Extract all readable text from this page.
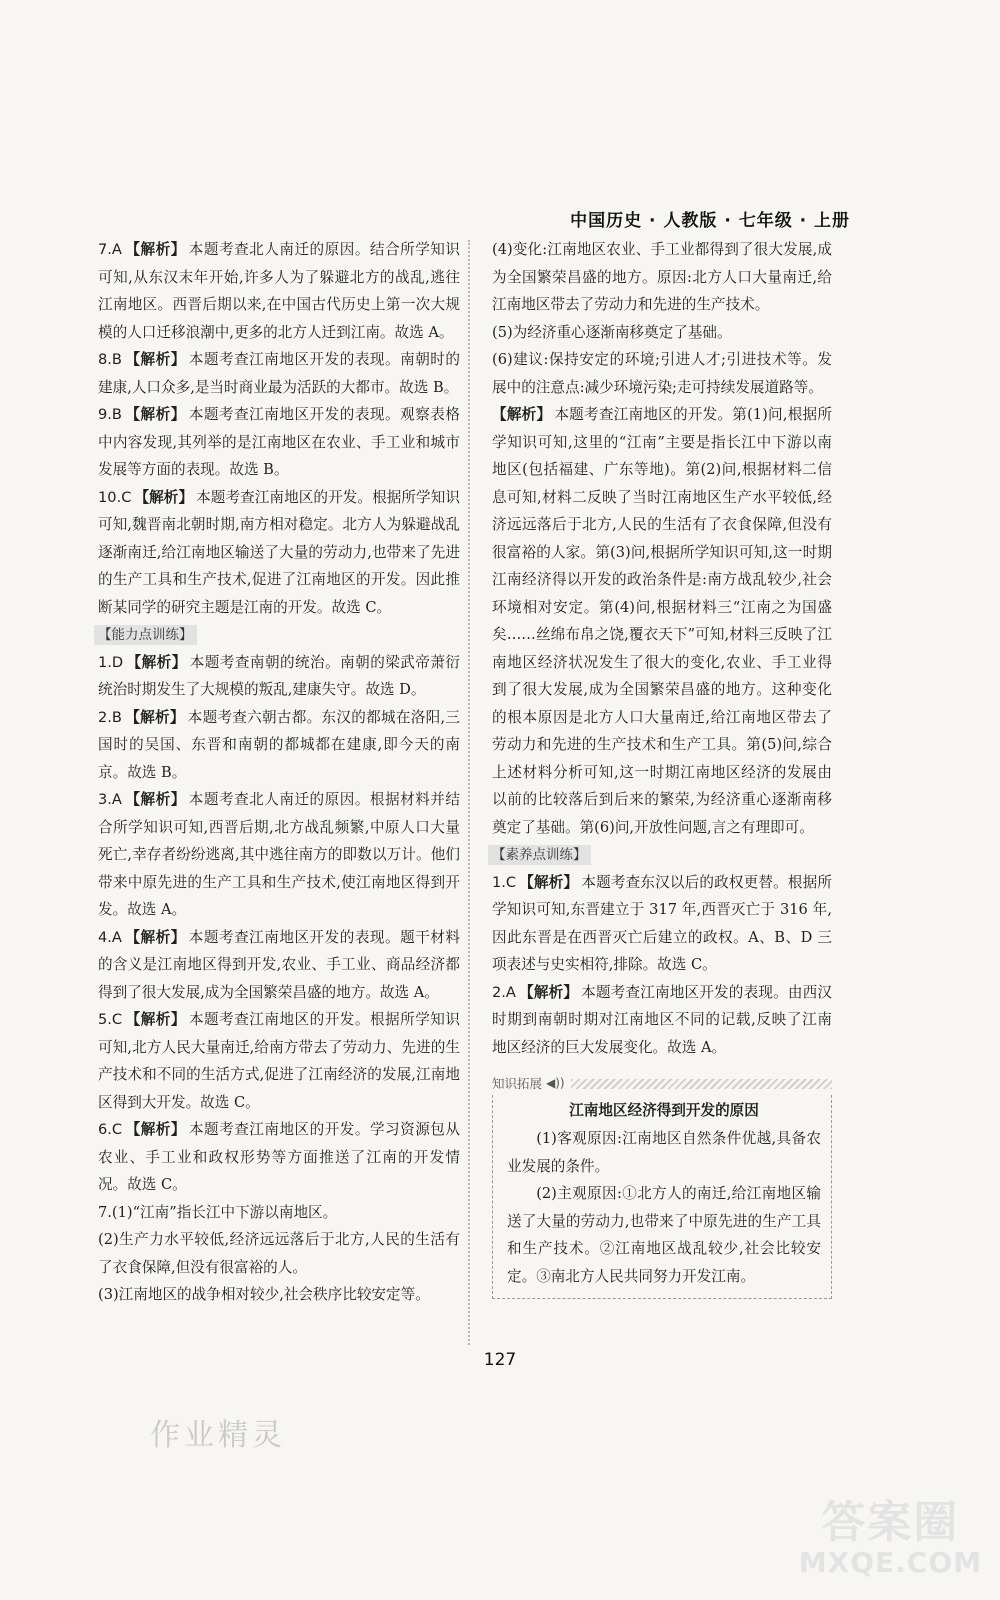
中国历史 · 人教版 · 七年级 · 上册

7.A 【解析】 本题考查北人南迁的原因。结合所学知识可知,从东汉末年开始,许多人为了躲避北方的战乱,逃往江南地区。西晋后期以来,在中国古代历史上第一次大规模的人口迁移浪潮中,更多的北方人迁到江南。故选 A。

8.B 【解析】 本题考查江南地区开发的表现。南朝时的建康,人口众多,是当时商业最为活跃的大都市。故选 B。

9.B 【解析】 本题考查江南地区开发的表现。观察表格中内容发现,其列举的是江南地区在农业、手工业和城市发展等方面的表现。故选 B。

10.C 【解析】 本题考查江南地区的开发。根据所学知识可知,魏晋南北朝时期,南方相对稳定。北方人为躲避战乱逐渐南迁,给江南地区输送了大量的劳动力,也带来了先进的生产工具和生产技术,促进了江南地区的开发。因此推断某同学的研究主题是江南的开发。故选 C。

【能力点训练】

1.D 【解析】 本题考查南朝的统治。南朝的梁武帝萧衍统治时期发生了大规模的叛乱,建康失守。故选 D。

2.B 【解析】 本题考查六朝古都。东汉的都城在洛阳,三国时的吴国、东晋和南朝的都城都在建康,即今天的南京。故选 B。

3.A 【解析】 本题考查北人南迁的原因。根据材料并结合所学知识可知,西晋后期,北方战乱频繁,中原人口大量死亡,幸存者纷纷逃离,其中逃往南方的即数以万计。他们带来中原先进的生产工具和生产技术,使江南地区得到开发。故选 A。

4.A 【解析】 本题考查江南地区开发的表现。题干材料的含义是江南地区得到开发,农业、手工业、商品经济都得到了很大发展,成为全国繁荣昌盛的地方。故选 A。

5.C 【解析】 本题考查江南地区的开发。根据所学知识可知,北方人民大量南迁,给南方带去了劳动力、先进的生产技术和不同的生活方式,促进了江南经济的发展,江南地区得到大开发。故选 C。

6.C 【解析】 本题考查江南地区的开发。学习资源包从农业、手工业和政权形势等方面推送了江南的开发情况。故选 C。

7.(1)“江南”指长江中下游以南地区。

(2)生产力水平较低,经济远远落后于北方,人民的生活有了衣食保障,但没有很富裕的人。

(3)江南地区的战争相对较少,社会秩序比较安定等。

(4)变化:江南地区农业、手工业都得到了很大发展,成为全国繁荣昌盛的地方。原因:北方人口大量南迁,给江南地区带去了劳动力和先进的生产技术。

(5)为经济重心逐渐南移奠定了基础。

(6)建议:保持安定的环境;引进人才;引进技术等。发展中的注意点:减少环境污染;走可持续发展道路等。

【解析】 本题考查江南地区的开发。第(1)问,根据所学知识可知,这里的“江南”主要是指长江中下游以南地区(包括福建、广东等地)。第(2)问,根据材料二信息可知,材料二反映了当时江南地区生产水平较低,经济远远落后于北方,人民的生活有了衣食保障,但没有很富裕的人家。第(3)问,根据所学知识可知,这一时期江南经济得以开发的政治条件是:南方战乱较少,社会环境相对安定。第(4)问,根据材料三“江南之为国盛矣……丝绵布帛之饶,覆衣天下”可知,材料三反映了江南地区经济状况发生了很大的变化,农业、手工业得到了很大发展,成为全国繁荣昌盛的地方。这种变化的根本原因是北方人口大量南迁,给江南地区带去了劳动力和先进的生产技术和生产工具。第(5)问,综合上述材料分析可知,这一时期江南地区经济的发展由以前的比较落后到后来的繁荣,为经济重心逐渐南移奠定了基础。第(6)问,开放性问题,言之有理即可。

【素养点训练】

1.C 【解析】 本题考查东汉以后的政权更替。根据所学知识可知,东晋建立于 317 年,西晋灭亡于 316 年,因此东晋是在西晋灭亡后建立的政权。A、B、D 三项表述与史实相符,排除。故选 C。

2.A 【解析】 本题考查江南地区开发的表现。由西汉时期到南朝时期对江南地区不同的记载,反映了江南地区经济的巨大发展变化。故选 A。

知识拓展 ◀))
江南地区经济得到开发的原因

(1)客观原因:江南地区自然条件优越,具备农业发展的条件。

(2)主观原因:①北方人的南迁,给江南地区输送了大量的劳动力,也带来了中原先进的生产工具和生产技术。②江南地区战乱较少,社会比较安定。③南北方人民共同努力开发江南。

127
作业精灵
答案圈
MXQE.COM
